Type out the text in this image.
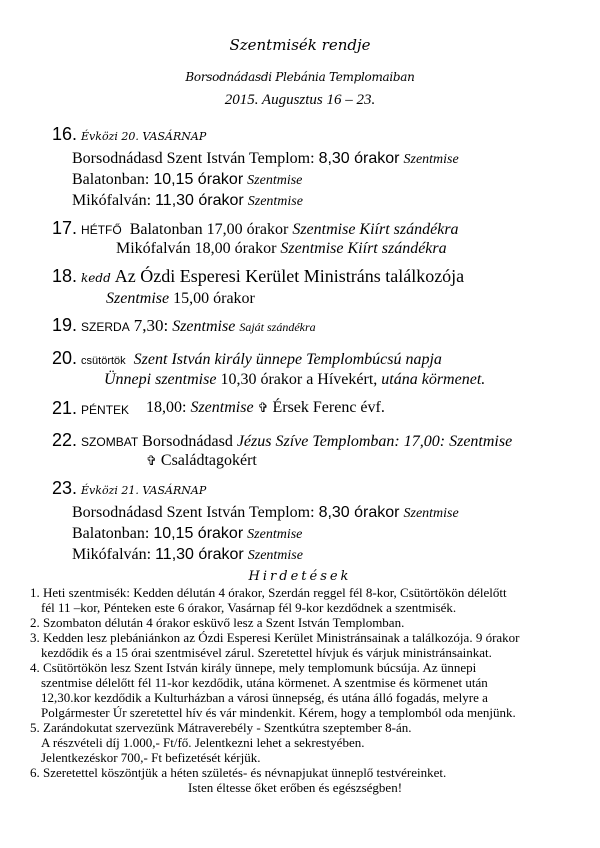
Szentmisék rendje
Borsodnádasdi Plebánia Templomaiban
2015. Augusztus 16 – 23.
16. Évközi 20. VASÁRNAP
Borsodnádasd Szent István Templom: 8,30 órakor Szentmise
Balatonban: 10,15 órakor Szentmise
Mikófalván: 11,30 órakor Szentmise
17. HÉTFŐ Balatonban 17,00 órakor Szentmise Kiírt szándékra
Mikófalván 18,00 órakor Szentmise Kiírt szándékra
18. kedd Az Ózdi Esperesi Kerület Ministráns találkozója
Szentmise 15,00 órakor
19. SZERDA 7,30: Szentmise Saját szándékra
20. csütörtök Szent István király ünnepe Templombúcsú napja
Ünnepi szentmise 10,30 órakor a Hívekért, utána körmenet.
21. PÉNTEK 18,00: Szentmise ✞ Érsek Ferenc évf.
22. SZOMBAT Borsodnádasd Jézus Szíve Templomban: 17,00: Szentmise
✞ Családtagokért
23. Évközi 21. VASÁRNAP
Borsodnádasd Szent István Templom: 8,30 órakor Szentmise
Balatonban: 10,15 órakor Szentmise
Mikófalván: 11,30 órakor Szentmise
Hirdetések
1. Heti szentmisék: Kedden délután 4 órakor, Szerdán reggel fél 8-kor, Csütörtökön délelőtt
fél 11 –kor, Pénteken este 6 órakor, Vasárnap fél 9-kor kezdődnek a szentmisék.
2. Szombaton délután 4 órakor esküvő lesz a Szent István Templomban.
3. Kedden lesz plebániánkon az Ózdi Esperesi Kerület Ministránsainak a találkozója. 9 órakor
kezdődik és a 15 órai szentmisével zárul. Szeretettel hívjuk és várjuk ministránsainkat.
4. Csütörtökön lesz Szent István király ünnepe, mely templomunk búcsúja. Az ünnepi
szentmise délelőtt fél 11-kor kezdődik, utána körmenet. A szentmise és körmenet után
12,30.kor kezdődik a Kulturházban a városi ünnepség, és utána álló fogadás, melyre a
Polgármester Úr szeretettel hív és vár mindenkit. Kérem, hogy a templomból oda menjünk.
5. Zarándokutat szervezünk Mátraverebély - Szentkútra szeptember 8-án.
A részvételi díj 1.000,- Ft/fő. Jelentkezni lehet a sekrestyében.
Jelentkezéskor 700,- Ft befizetését kérjük.
6. Szeretettel köszöntjük a héten születés- és névnapjukat ünneplő testvéreinket.
Isten éltesse őket erőben és egészségben!
